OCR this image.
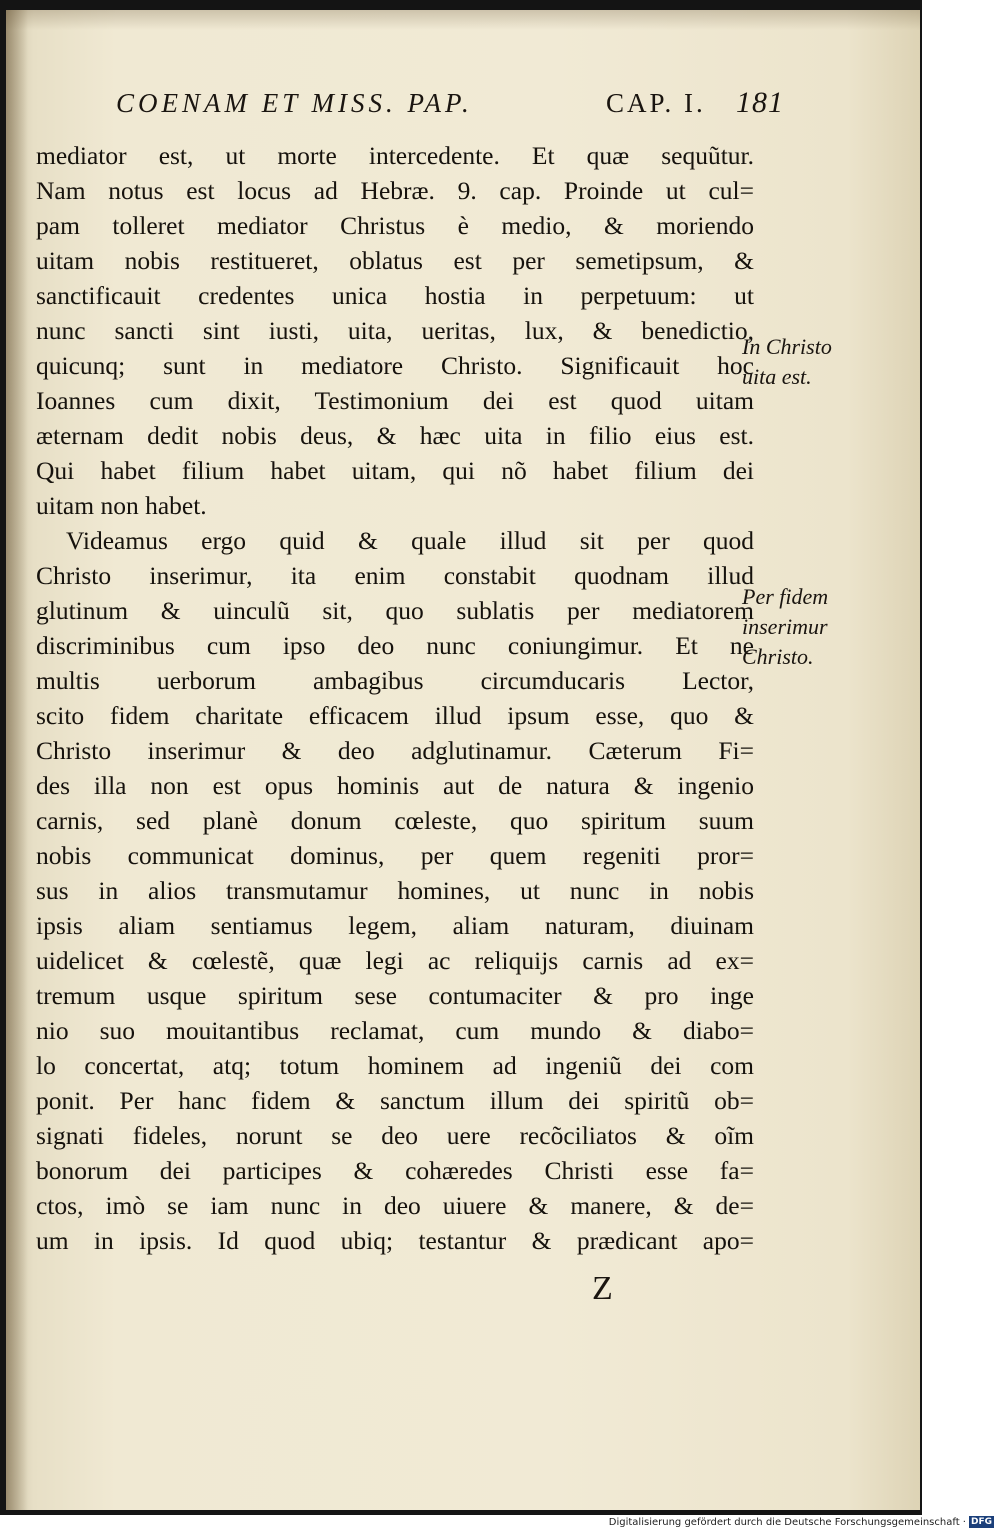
COENAM ET MISS. PAP.	CAP. I. 181
mediator est, ut morte intercedente. Et quæ sequũtur.
Nam notus est locus ad Hebræ. 9. cap. Proinde ut cul=
pam tolleret mediator Christus è medio, & moriendo
uitam nobis restitueret, oblatus est per semetipsum, &
sanctificauit credentes unica hostia in perpetuum: ut
nunc sancti sint iusti, uita, ueritas, lux, & benedictio,
quicunq; sunt in mediatore Christo. Significauit hoc
Ioannes cum dixit, Testimonium dei est quod uitam
æternam dedit nobis deus, & hæc uita in filio eius est.
Qui habet filium habet uitam, qui nõ habet filium dei
uitam non habet.
Videamus ergo quid & quale illud sit per quod
Christo inserimur, ita enim constabit quodnam illud
glutinum & uinculũ sit, quo sublatis per mediatorem
discriminibus cum ipso deo nunc coniungimur. Et ne
multis uerborum ambagibus circumducaris Lector,
scito fidem charitate efficacem illud ipsum esse, quo &
Christo inserimur & deo adglutinamur. Cæterum Fi=
des illa non est opus hominis aut de natura & ingenio
carnis, sed planè donum cœleste, quo spiritum suum
nobis communicat dominus, per quem regeniti pror=
sus in alios transmutamur homines, ut nunc in nobis
ipsis aliam sentiamus legem, aliam naturam, diuinam
uidelicet & cœlestẽ, quæ legi ac reliquijs carnis ad ex=
tremum usque spiritum sese contumaciter & pro inge
nio suo mouitantibus reclamat, cum mundo & diabo=
lo concertat, atq; totum hominem ad ingeniũ dei com
ponit. Per hanc fidem & sanctum illum dei spiritũ ob=
signati fideles, norunt se deo uere recõciliatos & oĩm
bonorum dei participes & cohæredes Christi esse fa=
ctos, imò se iam nunc in deo uiuere & manere, & de=
um in ipsis. Id quod ubiq; testantur & prædicant apo=
In Christo
uita est.
Per fidem
inserimur
Christo.
Z
Digitalisierung gefördert durch die Deutsche Forschungsgemeinschaft · DFG
